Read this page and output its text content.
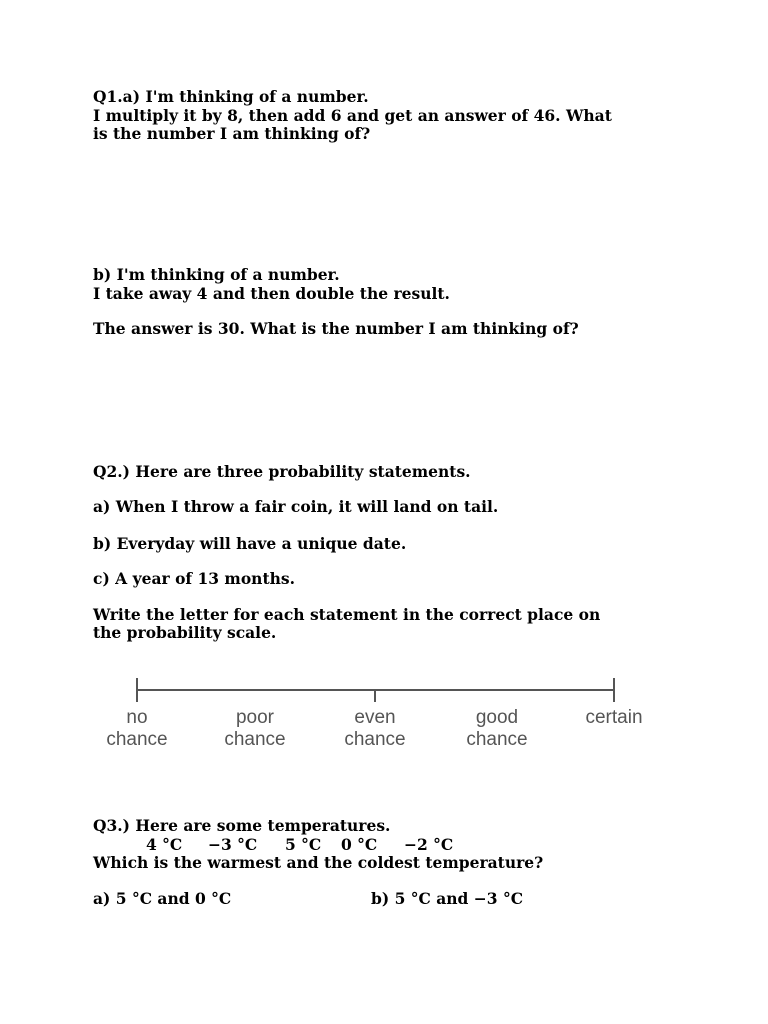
Q1.a) I'm thinking of a number.
I multiply it by 8, then add 6 and get an answer of 46. What
is the number I am thinking of?
b) I'm thinking of a number.
I take away 4 and then double the result.
The answer is 30. What is the number I am thinking of?
Q2.) Here are three probability statements.
a) When I throw a fair coin, it will land on tail.
b) Everyday will have a unique date.
c) A year of 13 months.
Write the letter for each statement in the correct place on
the probability scale.
no
chance
poor
chance
even
chance
good
chance
certain
Q3.) Here are some temperatures.
4 °C −3 °C 5 °C 0 °C −2 °C
Which is the warmest and the coldest temperature?
a) 5 °C and 0 °C	b) 5 °C and −3 °C
